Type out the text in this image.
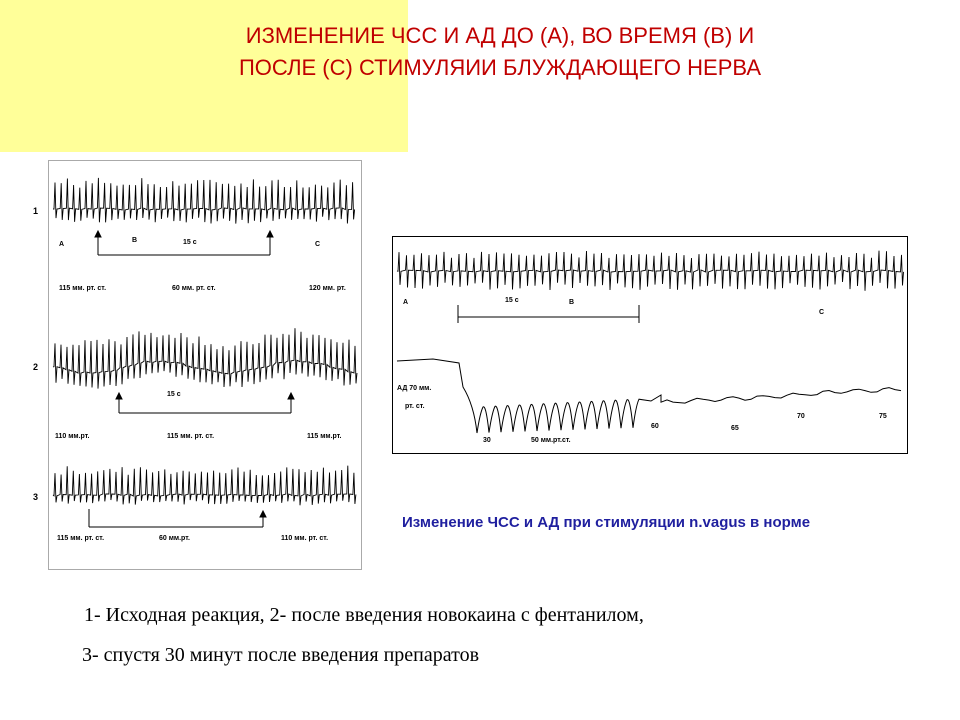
ИЗМЕНЕНИЕ ЧСС И АД ДО (А), ВО ВРЕМЯ (В) И
ПОСЛЕ (С) СТИМУЛЯИИ БЛУЖДАЮЩЕГО НЕРВА
А
В
С
15 с
115 мм. рт. ст.	60 мм. рт. ст.	120 мм. рт.
15 с
110 мм.рт.	115 мм. рт. ст.	115 мм.рт.
115 мм. рт. ст.	60 мм.рт.	110 мм. рт. ст.
1
2
3
А	15 с	В
С
АД 70 мм.
рт. ст.
30	50 мм.рт.ст.
60	65
70	75
Изменение ЧСС и АД при стимуляции n.vagus в норме
1- Исходная реакция, 2- после введения новокаина с фентанилом,
3- спустя 30 минут после введения препаратов
